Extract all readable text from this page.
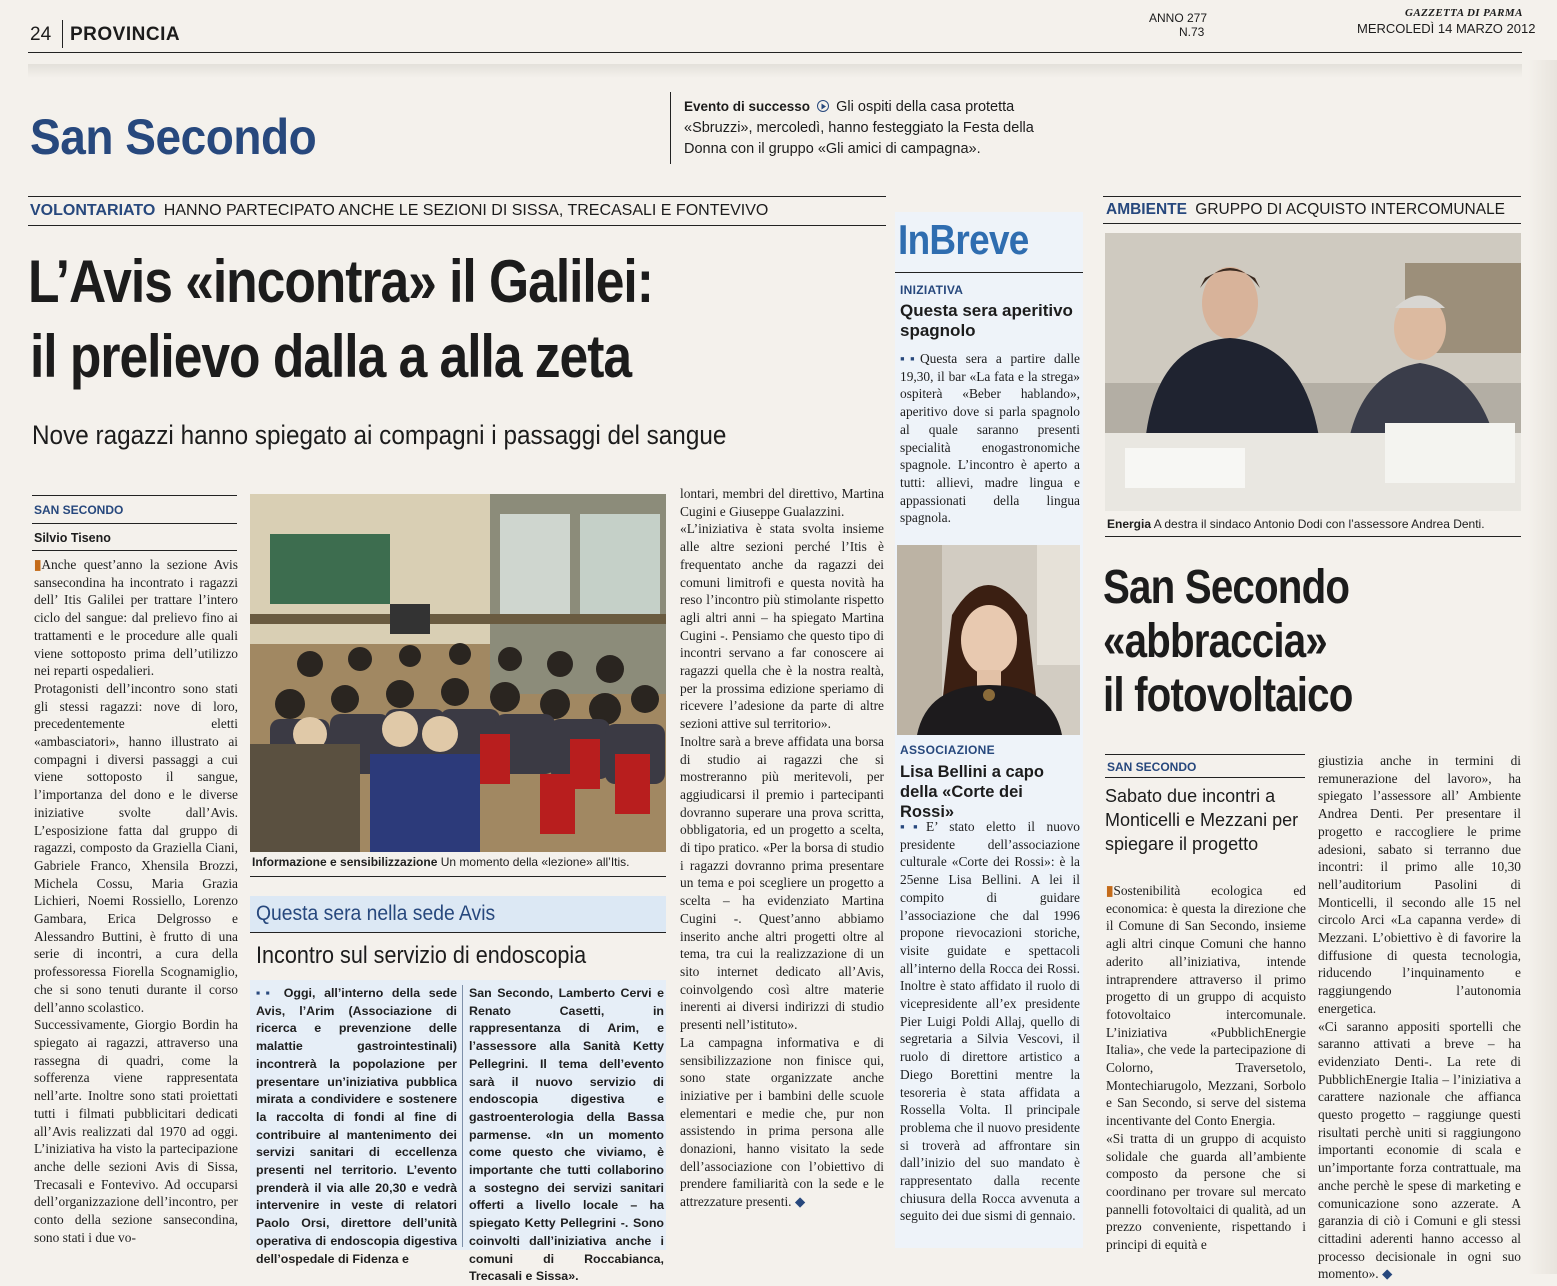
24 PROVINCIA
ANNO 277
N.73
GAZZETTA DI PARMA
MERCOLEDÌ 14 MARZO 2012
San Secondo
Evento di successo Gli ospiti della casa protetta «Sbruzzi», mercoledì, hanno festeggiato la Festa della Donna con il gruppo «Gli amici di campagna».
VOLONTARIATO HANNO PARTECIPATO ANCHE LE SEZIONI DI SISSA, TRECASALI E FONTEVIVO
L’Avis «incontra» il Galilei:
il prelievo dalla a alla zeta
Nove ragazzi hanno spiegato ai compagni i passaggi del sangue
SAN SECONDO
Silvio Tiseno
▮Anche quest’anno la sezione Avis sansecondina ha incontrato i ragazzi dell’ Itis Galilei per trattare l’intero ciclo del sangue: dal prelievo fino ai trattamenti e le procedure alle quali viene sottoposto prima dell’utilizzo nei reparti ospedalieri.
Protagonisti dell’incontro sono stati gli stessi ragazzi: nove di loro, precedentemente eletti «ambasciatori», hanno illustrato ai compagni i diversi passaggi a cui viene sottoposto il sangue, l’importanza del dono e le diverse iniziative svolte dall’Avis. L’esposizione fatta dal gruppo di ragazzi, composto da Graziella Ciani, Gabriele Franco, Xhensila Brozzi, Michela Cossu, Maria Grazia Lichieri, Noemi Rossiello, Lorenzo Gambara, Erica Delgrosso e Alessandro Buttini, è frutto di una serie di incontri, a cura della professoressa Fiorella Scognamiglio, che si sono tenuti durante il corso dell’anno scolastico.
Successivamente, Giorgio Bordin ha spiegato ai ragazzi, attraverso una rassegna di quadri, come la sofferenza viene rappresentata nell’arte. Inoltre sono stati proiettati tutti i filmati pubblicitari dedicati all’Avis realizzati dal 1970 ad oggi. L’iniziativa ha visto la partecipazione anche delle sezioni Avis di Sissa, Trecasali e Fontevivo. Ad occuparsi dell’organizzazione dell’incontro, per conto della sezione sansecondina, sono stati i due vo-
Informazione e sensibilizzazione Un momento della «lezione» all’Itis.
lontari, membri del direttivo, Martina Cugini e Giuseppe Gualazzini.
«L’iniziativa è stata svolta insieme alle altre sezioni perché l’Itis è frequentato anche da ragazzi dei comuni limitrofi e questa novità ha reso l’incontro più stimolante rispetto agli altri anni – ha spiegato Martina Cugini -. Pensiamo che questo tipo di incontri servano a far conoscere ai ragazzi quella che è la nostra realtà, per la prossima edizione speriamo di ricevere l’adesione da parte di altre sezioni attive sul territorio».
Inoltre sarà a breve affidata una borsa di studio ai ragazzi che si mostreranno più meritevoli, per aggiudicarsi il premio i partecipanti dovranno superare una prova scritta, obbligatoria, ed un progetto a scelta, di tipo pratico. «Per la borsa di studio i ragazzi dovranno prima presentare un tema e poi scegliere un progetto a scelta – ha evidenziato Martina Cugini -. Quest’anno abbiamo inserito anche altri progetti oltre al tema, tra cui la realizzazione di un sito internet dedicato all’Avis, coinvolgendo così altre materie inerenti ai diversi indirizzi di studio presenti nell’istituto».
La campagna informativa e di sensibilizzazione non finisce qui, sono state organizzate anche iniziative per i bambini delle scuole elementari e medie che, pur non assistendo in prima persona alle donazioni, hanno visitato la sede dell’associazione con l’obiettivo di prendere familiarità con la sede e le attrezzature presenti. ◆
Questa sera nella sede Avis
Incontro sul servizio di endoscopia
▪▪ Oggi, all’interno della sede Avis, l’Arim (Associazione di ricerca e prevenzione delle malattie gastrointestinali) incontrerà la popolazione per presentare un’iniziativa pubblica mirata a condividere e sostenere la raccolta di fondi al fine di contribuire al mantenimento dei servizi sanitari di eccellenza presenti nel territorio. L’evento prenderà il via alle 20,30 e vedrà intervenire in veste di relatori Paolo Orsi, direttore dell’unità operativa di endoscopia digestiva dell’ospedale di Fidenza e
San Secondo, Lamberto Cervi e Renato Casetti, in rappresentanza di Arim, e l’assessore alla Sanità Ketty Pellegrini. Il tema dell’evento sarà il nuovo servizio di endoscopia digestiva e gastroenterologia della Bassa parmense. «In un momento come questo che viviamo, è importante che tutti collaborino a sostegno dei servizi sanitari offerti a livello locale – ha spiegato Ketty Pellegrini -. Sono coinvolti dall’iniziativa anche i comuni di Roccabianca, Trecasali e Sissa».
InBreve
INIZIATIVA
Questa sera aperitivo spagnolo
▪▪Questa sera a partire dalle 19,30, il bar «La fata e la strega» ospiterà «Beber hablando», aperitivo dove si parla spagnolo al quale saranno presenti specialità enogastronomiche spagnole. L’incontro è aperto a tutti: allievi, madre lingua e appassionati della lingua spagnola.
ASSOCIAZIONE
Lisa Bellini a capo della «Corte dei Rossi»
▪▪E’ stato eletto il nuovo presidente dell’associazione culturale «Corte dei Rossi»: è la 25enne Lisa Bellini. A lei il compito di guidare l’associazione che dal 1996 propone rievocazioni storiche, visite guidate e spettacoli all’interno della Rocca dei Rossi. Inoltre è stato affidato il ruolo di vicepresidente all’ex presidente Pier Luigi Poldi Allaj, quello di segretaria a Silvia Vescovi, il ruolo di direttore artistico a Diego Borettini mentre la tesoreria è stata affidata a Rossella Volta. Il principale problema che il nuovo presidente si troverà ad affrontare sin dall’inizio del suo mandato è rappresentato dalla recente chiusura della Rocca avvenuta a seguito dei due sismi di gennaio.
AMBIENTE GRUPPO DI ACQUISTO INTERCOMUNALE
Energia A destra il sindaco Antonio Dodi con l’assessore Andrea Denti.
San Secondo
«abbraccia»
il fotovoltaico
SAN SECONDO
Sabato due incontri a Monticelli e Mezzani per spiegare il progetto
▮Sostenibilità ecologica ed economica: è questa la direzione che il Comune di San Secondo, insieme agli altri cinque Comuni che hanno aderito all’iniziativa, intende intraprendere attraverso il primo progetto di un gruppo di acquisto fotovoltaico intercomunale. L’iniziativa «PubblichEnergie Italia», che vede la partecipazione di Colorno, Traversetolo, Montechiarugolo, Mezzani, Sorbolo e San Secondo, si serve del sistema incentivante del Conto Energia.
«Si tratta di un gruppo di acquisto solidale che guarda all’ambiente composto da persone che si coordinano per trovare sul mercato pannelli fotovoltaici di qualità, ad un prezzo conveniente, rispettando i principi di equità e
giustizia anche in termini di remunerazione del lavoro», ha spiegato l’assessore all’ Ambiente Andrea Denti. Per presentare il progetto e raccogliere le prime adesioni, sabato si terranno due incontri: il primo alle 10,30 nell’auditorium Pasolini di Monticelli, il secondo alle 15 nel circolo Arci «La capanna verde» di Mezzani. L’obiettivo è di favorire la diffusione di questa tecnologia, riducendo l’inquinamento e raggiungendo l’autonomia energetica.
«Ci saranno appositi sportelli che saranno attivati a breve – ha evidenziato Denti-. La rete di PubblichEnergie Italia – l’iniziativa a carattere nazionale che affianca questo progetto – raggiunge questi risultati perchè uniti si raggiungono importanti economie di scala e un’importante forza contrattuale, ma anche perchè le spese di marketing e comunicazione sono azzerate. A garanzia di ciò i Comuni e gli stessi cittadini aderenti hanno accesso al processo decisionale in ogni suo momento». ◆
